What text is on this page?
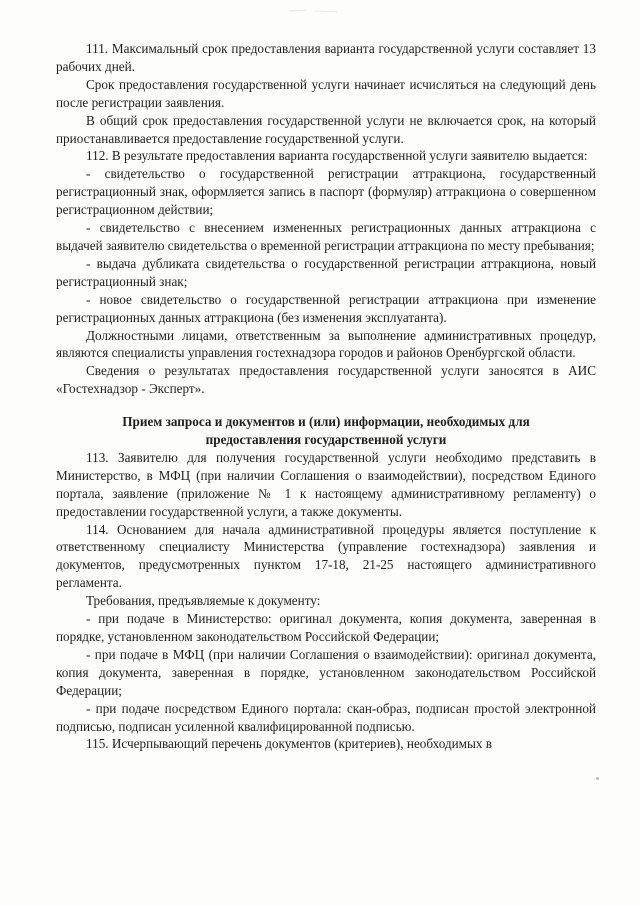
111. Максимальный срок предоставления варианта государственной услуги составляет 13 рабочих дней.

Срок предоставления государственной услуги начинает исчисляться на следующий день после регистрации заявления.

В общий срок предоставления государственной услуги не включается срок, на который приостанавливается предоставление государственной услуги.

112. В результате предоставления варианта государственной услуги заявителю выдается:

- свидетельство о государственной регистрации аттракциона, государственный регистрационный знак, оформляется запись в паспорт (формуляр) аттракциона о совершенном регистрационном действии;

- свидетельство с внесением измененных регистрационных данных аттракциона с выдачей заявителю свидетельства о временной регистрации аттракциона по месту пребывания;

- выдача дубликата свидетельства о государственной регистрации аттракциона, новый регистрационный знак;

- новое свидетельство о государственной регистрации аттракциона при изменение регистрационных данных аттракциона (без изменения эксплуатанта).

Должностными лицами, ответственным за выполнение административных процедур, являются специалисты управления гостехнадзора городов и районов Оренбургской области.

Сведения о результатах предоставления государственной услуги заносятся в АИС «Гостехнадзор - Эксперт».

Прием запроса и документов и (или) информации, необходимых для
предоставления государственной услуги

113. Заявителю для получения государственной услуги необходимо представить в Министерство, в МФЦ (при наличии Соглашения о взаимодействии), посредством Единого портала, заявление (приложение № 1 к настоящему административному регламенту) о предоставлении государственной услуги, а также документы.

114. Основанием для начала административной процедуры является поступление к ответственному специалисту Министерства (управление гостехнадзора) заявления и документов, предусмотренных пунктом 17-18, 21-25 настоящего административного регламента.

Требования, предъявляемые к документу:

- при подаче в Министерство: оригинал документа, копия документа, заверенная в порядке, установленном законодательством Российской Федерации;

- при подаче в МФЦ (при наличии Соглашения о взаимодействии): оригинал документа, копия документа, заверенная в порядке, установленном законодательством Российской Федерации;

- при подаче посредством Единого портала: скан-образ, подписан простой электронной подписью, подписан усиленной квалифицированной подписью.

115. Исчерпывающий перечень документов (критериев), необходимых в
